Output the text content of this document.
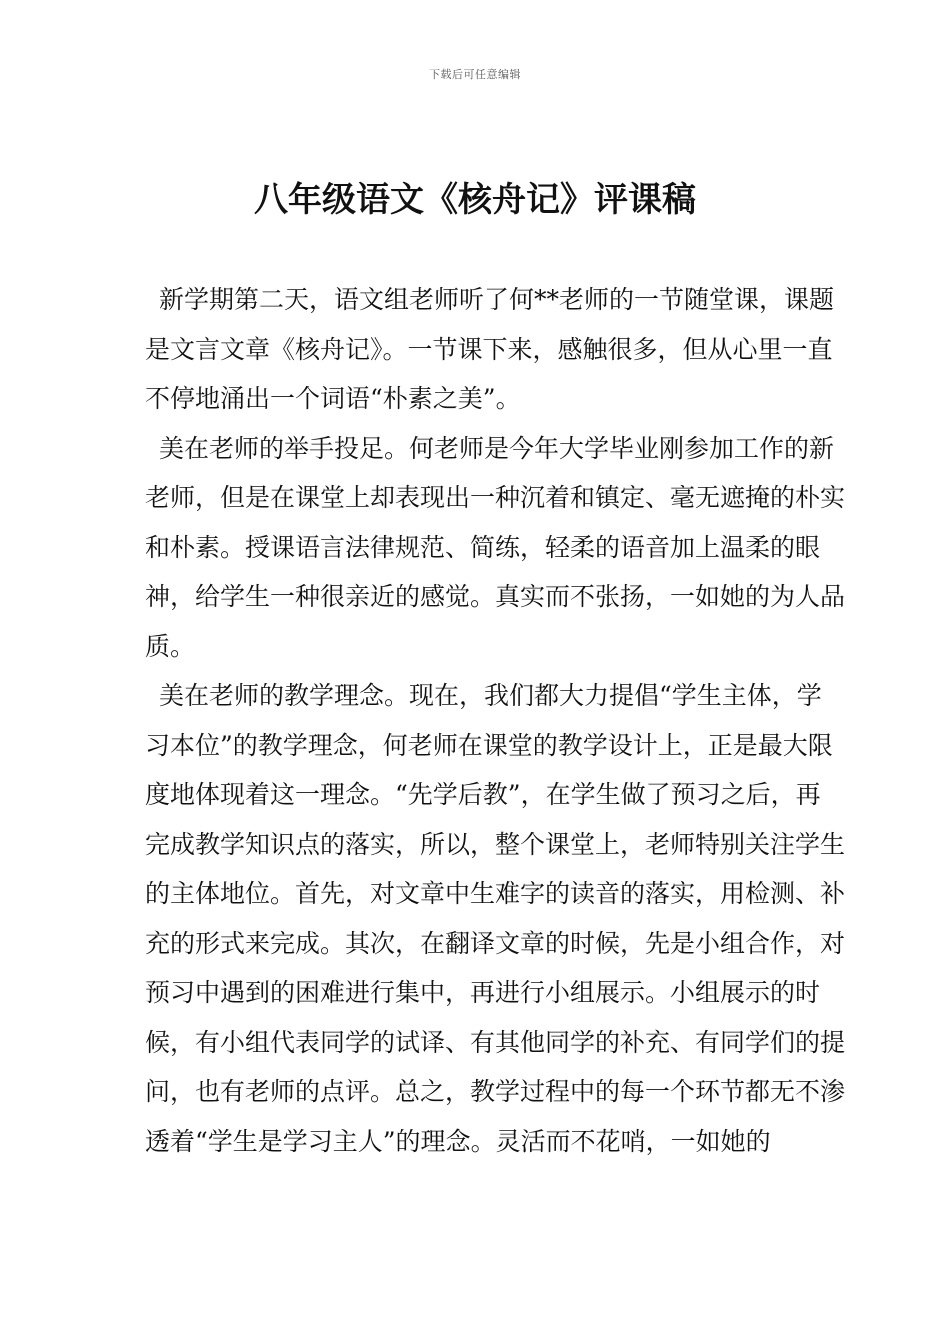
下载后可任意编辑
八年级语文《核舟记》评课稿

新学期第二天，语文组老师听了何**老师的一节随堂课，课题是文言文章《核舟记》。一节课下来，感触很多，但从心里一直不停地涌出一个词语“朴素之美”。

美在老师的举手投足。何老师是今年大学毕业刚参加工作的新老师，但是在课堂上却表现出一种沉着和镇定、毫无遮掩的朴实和朴素。授课语言法律规范、简练，轻柔的语音加上温柔的眼神，给学生一种很亲近的感觉。真实而不张扬，一如她的为人品质。

美在老师的教学理念。现在，我们都大力提倡“学生主体，学习本位”的教学理念，何老师在课堂的教学设计上，正是最大限度地体现着这一理念。“先学后教”，在学生做了预习之后，再完成教学知识点的落实，所以，整个课堂上，老师特别关注学生的主体地位。首先，对文章中生难字的读音的落实，用检测、补充的形式来完成。其次，在翻译文章的时候，先是小组合作，对预习中遇到的困难进行集中，再进行小组展示。小组展示的时候，有小组代表同学的试译、有其他同学的补充、有同学们的提问，也有老师的点评。总之，教学过程中的每一个环节都无不渗透着“学生是学习主人”的理念。灵活而不花哨，一如她的
